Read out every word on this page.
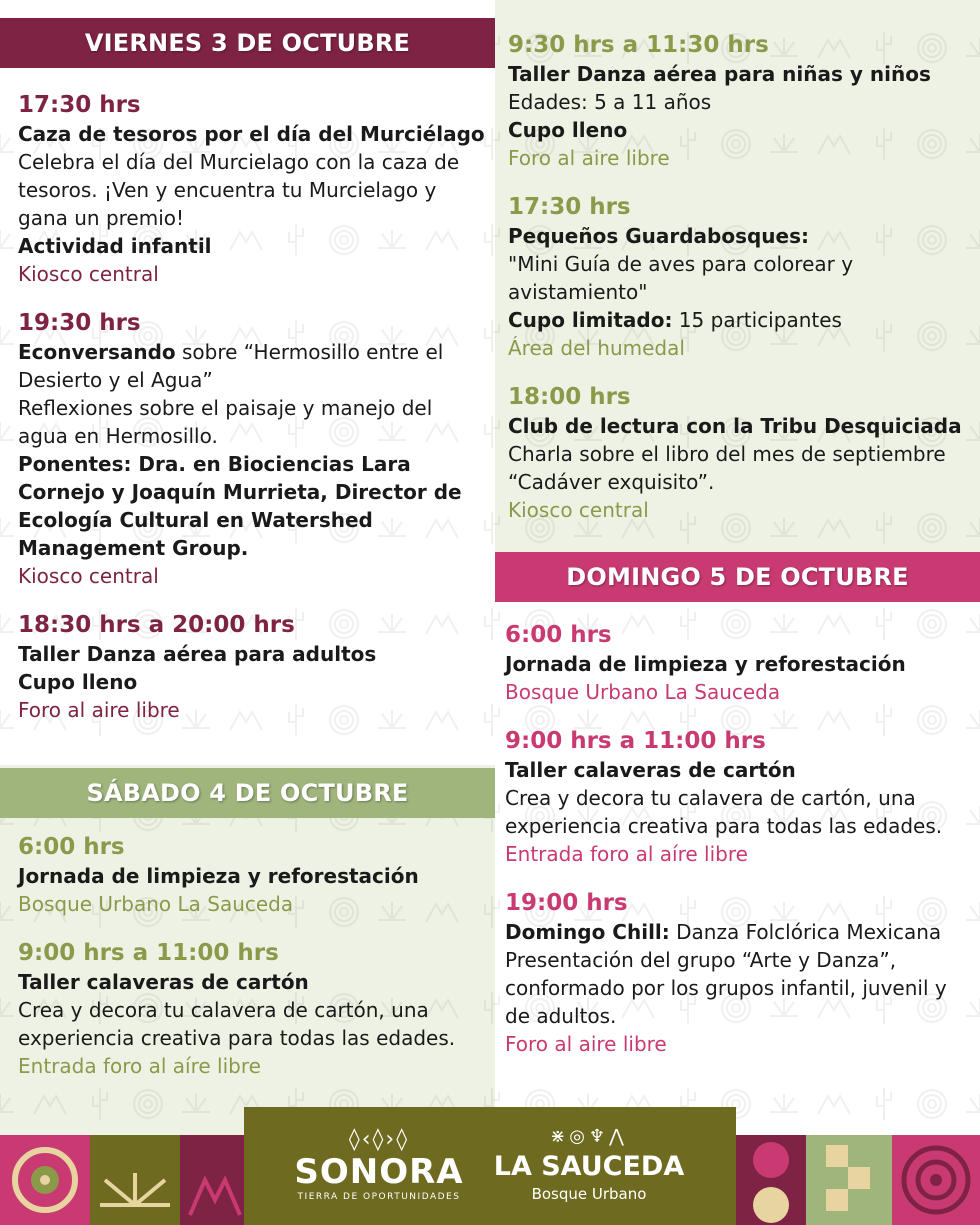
VIERNES 3 DE OCTUBRE
SÁBADO 4 DE OCTUBRE
DOMINGO 5 DE OCTUBRE
17:30 hrs
Caza de tesoros por el día del Murciélago
Celebra el día del Murcielago con la caza de tesoros. ¡Ven y encuentra tu Murcielago y gana un premio!
Actividad infantil
Kiosco central
19:30 hrs
Econversando sobre “Hermosillo entre el Desierto y el Agua”
Reflexiones sobre el paisaje y manejo del agua en Hermosillo.
Ponentes: Dra. en Biociencias Lara Cornejo y Joaquín Murrieta, Director de Ecología Cultural en Watershed Management Group.
Kiosco central
18:30 hrs a 20:00 hrs
Taller Danza aérea para adultos
Cupo lleno
Foro al aire libre
6:00 hrs
Jornada de limpieza y reforestación
Bosque Urbano La Sauceda
9:00 hrs a 11:00 hrs
Taller calaveras de cartón
Crea y decora tu calavera de cartón, una experiencia creativa para todas las edades.
Entrada foro al aíre libre
9:30 hrs a 11:30 hrs
Taller Danza aérea para niñas y niños
Edades: 5 a 11 años
Cupo lleno
Foro al aire libre
17:30 hrs
Pequeños Guardabosques:
"Mini Guía de aves para colorear y avistamiento"
Cupo limitado: 15 participantes
Área del humedal
18:00 hrs
Club de lectura con la Tribu Desquiciada
Charla sobre el libro del mes de septiembre “Cadáver exquisito”.
Kiosco central
6:00 hrs
Jornada de limpieza y reforestación
Bosque Urbano La Sauceda
9:00 hrs a 11:00 hrs
Taller calaveras de cartón
Crea y decora tu calavera de cartón, una experiencia creativa para todas las edades.
Entrada foro al aíre libre
19:00 hrs
Domingo Chill: Danza Folclórica Mexicana
Presentación del grupo “Arte y Danza”, conformado por los grupos infantil, juvenil y de adultos.
Foro al aire libre
◊‹◊›◊
SONORA
TIERRA DE OPORTUNIDADES
⋇◎♆⋀
LA SAUCEDA
Bosque Urbano
